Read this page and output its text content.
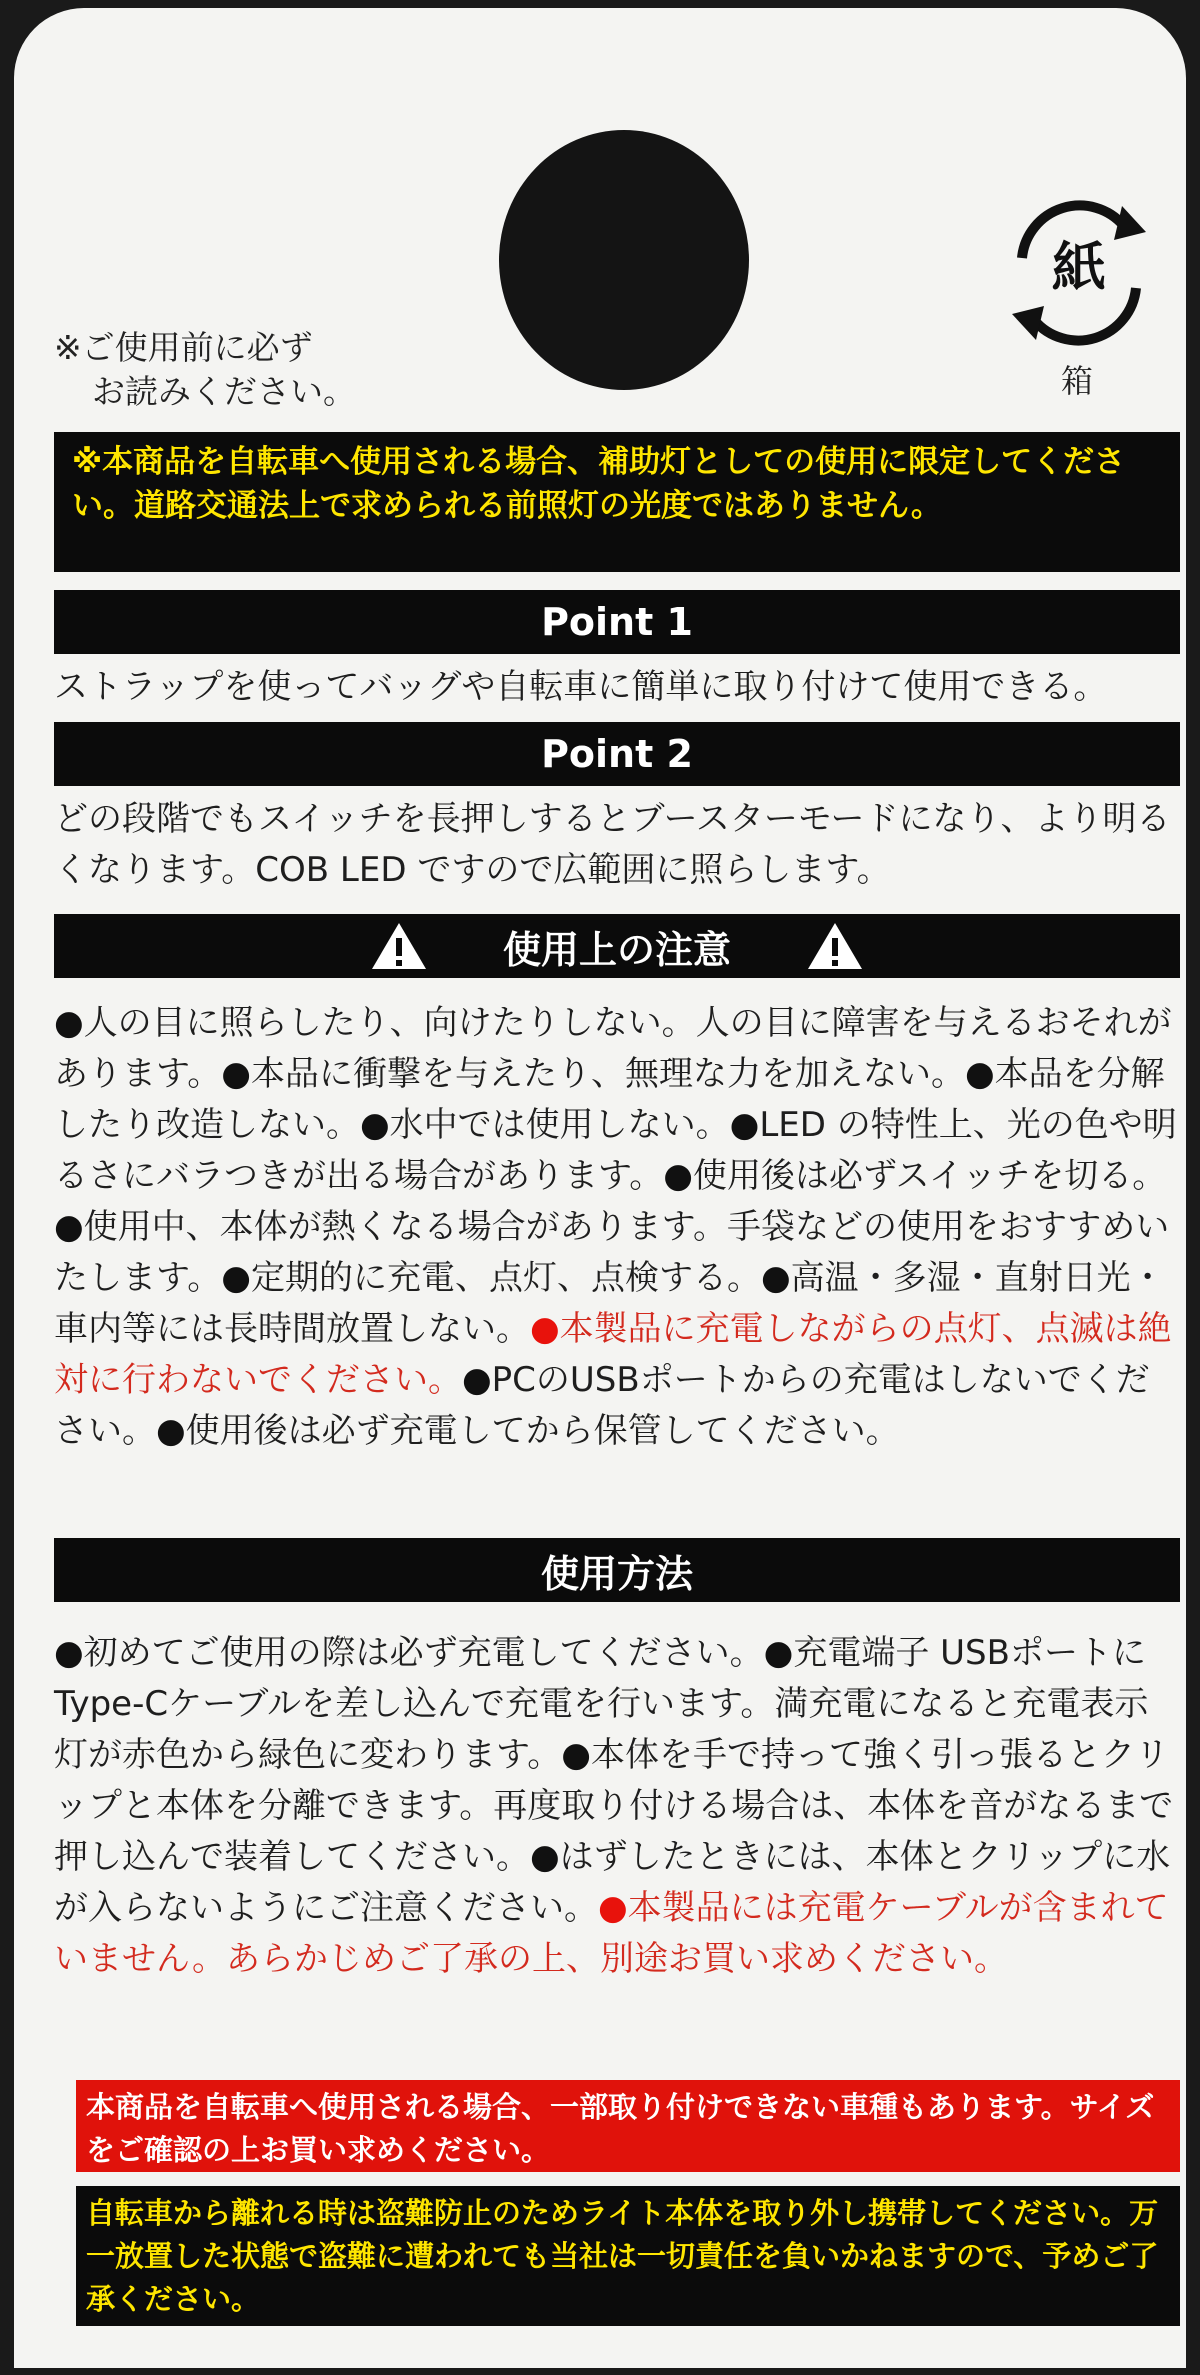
紙
箱
※ご使用前に必ず
お読みください。
※本商品を自転車へ使用される場合、補助灯としての使用に限定してください。道路交通法上で求められる前照灯の光度ではありません。
Point 1
ストラップを使ってバッグや自転車に簡単に取り付けて使用できる。
Point 2
どの段階でもスイッチを長押しするとブースターモードになり、より明るくなります。COB LED ですので広範囲に照らします。
使用上の注意
●人の目に照らしたり、向けたりしない。人の目に障害を与えるおそれがあります。●本品に衝撃を与えたり、無理な力を加えない。●本品を分解したり改造しない。●水中では使用しない。●LED の特性上、光の色や明るさにバラつきが出る場合があります。●使用後は必ずスイッチを切る。●使用中、本体が熱くなる場合があります。手袋などの使用をおすすめいたします。●定期的に充電、点灯、点検する。●高温・多湿・直射日光・車内等には長時間放置しない。●本製品に充電しながらの点灯、点滅は絶対に行わないでください。●PCのUSBポートからの充電はしないでください。●使用後は必ず充電してから保管してください。
使用方法
●初めてご使用の際は必ず充電してください。●充電端子 USBポートに Type-Cケーブルを差し込んで充電を行います。満充電になると充電表示灯が赤色から緑色に変わります。●本体を手で持って強く引っ張るとクリップと本体を分離できます。再度取り付ける場合は、本体を音がなるまで押し込んで装着してください。●はずしたときには、本体とクリップに水が入らないようにご注意ください。●本製品には充電ケーブルが含まれていません。あらかじめご了承の上、別途お買い求めください。
本商品を自転車へ使用される場合、一部取り付けできない車種もあります。サイズをご確認の上お買い求めください。
自転車から離れる時は盗難防止のためライト本体を取り外し携帯してください。万一放置した状態で盗難に遭われても当社は一切責任を負いかねますので、予めご了承ください。
